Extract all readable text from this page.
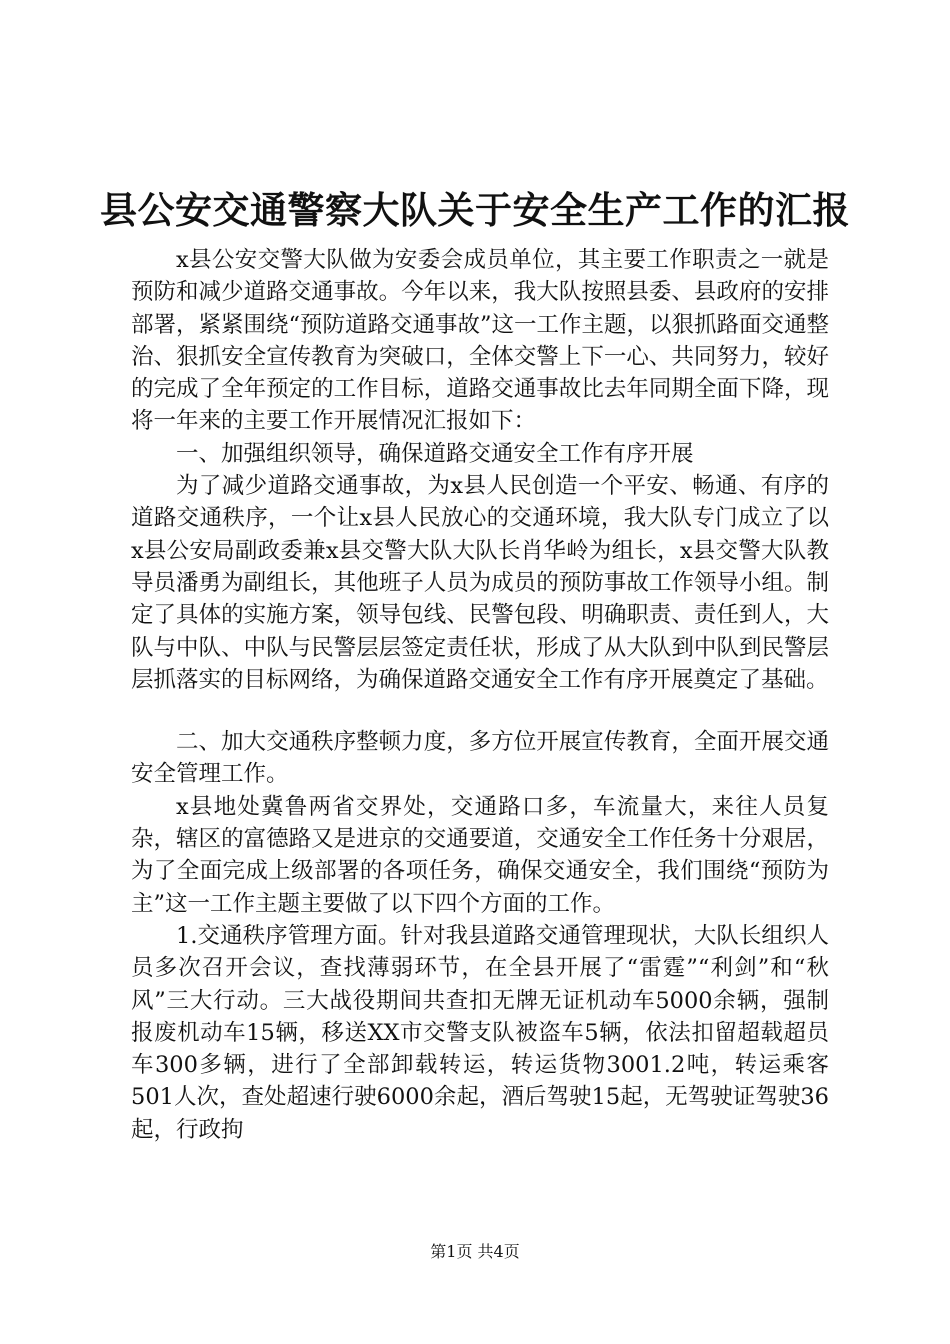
县公安交通警察大队关于安全生产工作的汇报

x县公安交警大队做为安委会成员单位，其主要工作职责之一就是预防和减少道路交通事故。今年以来，我大队按照县委、县政府的安排部署，紧紧围绕“预防道路交通事故”这一工作主题，以狠抓路面交通整治、狠抓安全宣传教育为突破口，全体交警上下一心、共同努力，较好的完成了全年预定的工作目标，道路交通事故比去年同期全面下降，现将一年来的主要工作开展情况汇报如下：

一、加强组织领导，确保道路交通安全工作有序开展

为了减少道路交通事故，为x县人民创造一个平安、畅通、有序的道路交通秩序，一个让x县人民放心的交通环境，我大队专门成立了以x县公安局副政委兼x县交警大队大队长肖华岭为组长，x县交警大队教导员潘勇为副组长，其他班子人员为成员的预防事故工作领导小组。制定了具体的实施方案，领导包线、民警包段、明确职责、责任到人，大队与中队、中队与民警层层签定责任状，形成了从大队到中队到民警层层抓落实的目标网络，为确保道路交通安全工作有序开展奠定了基础。

二、加大交通秩序整顿力度，多方位开展宣传教育，全面开展交通安全管理工作。

x县地处冀鲁两省交界处，交通路口多，车流量大，来往人员复杂，辖区的富德路又是进京的交通要道，交通安全工作任务十分艰居，为了全面完成上级部署的各项任务，确保交通安全，我们围绕“预防为主”这一工作主题主要做了以下四个方面的工作。

1.交通秩序管理方面。针对我县道路交通管理现状，大队长组织人员多次召开会议，查找薄弱环节，在全县开展了“雷霆”“利剑”和“秋风”三大行动。三大战役期间共查扣无牌无证机动车5000余辆，强制报废机动车15辆，移送XX市交警支队被盗车5辆，依法扣留超载超员车300多辆，进行了全部卸载转运，转运货物3001.2吨，转运乘客501人次，查处超速行驶6000余起，酒后驾驶15起，无驾驶证驾驶36起，行政拘

第1页 共4页
